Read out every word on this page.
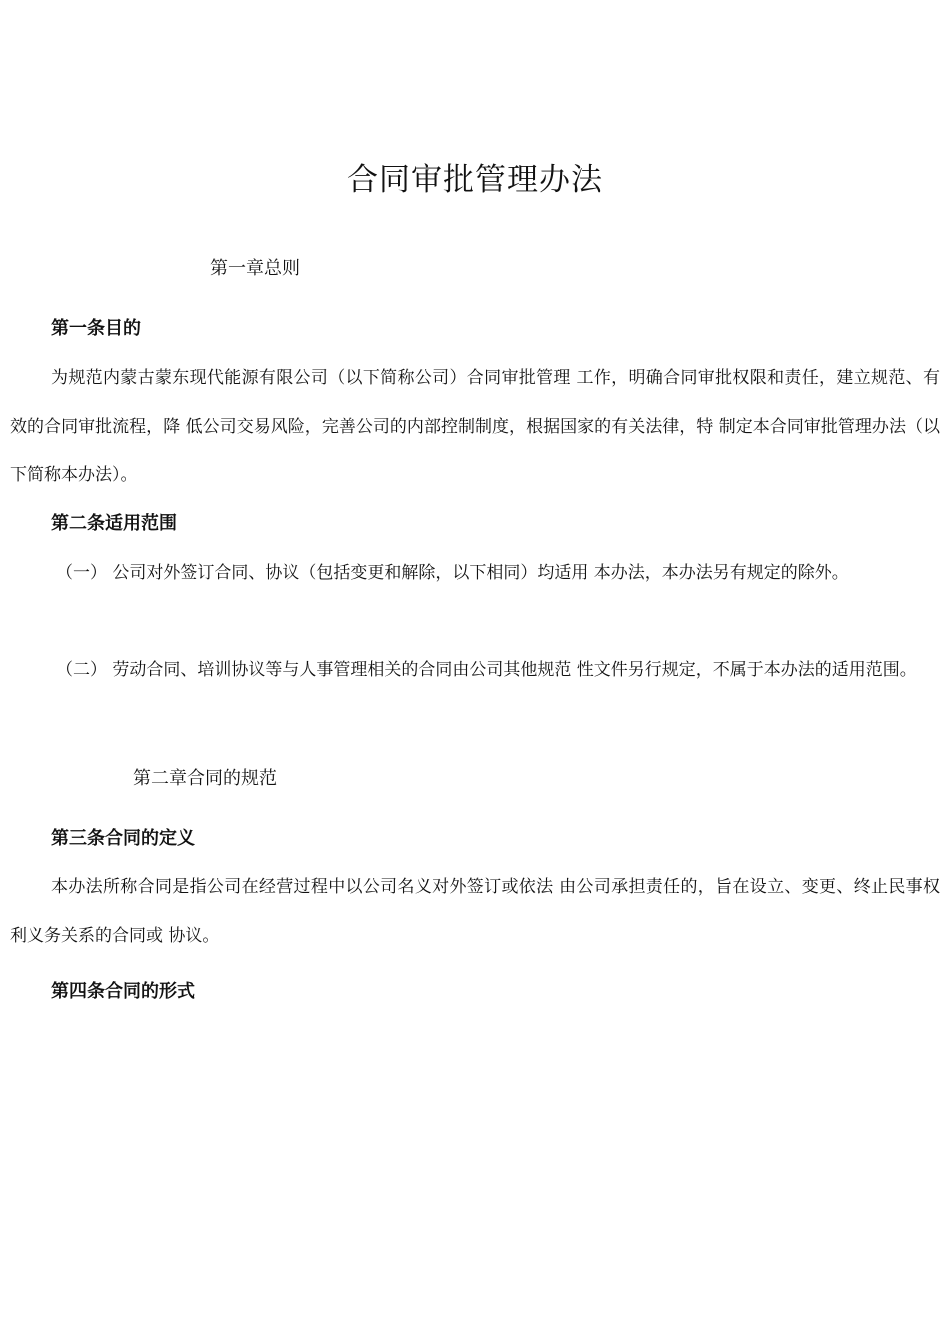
合同审批管理办法
第一章总则
第一条目的

为规范内蒙古蒙东现代能源有限公司（以下简称公司）合同审批管理 工作，明确合同审批权限和责任，建立规范、有效的合同审批流程，降 低公司交易风险，完善公司的内部控制制度，根据国家的有关法律，特 制定本合同审批管理办法（以下简称本办法）。

第二条适用范围

（一） 公司对外签订合同、协议（包括变更和解除，以下相同）均适用 本办法，本办法另有规定的除外。

（二） 劳动合同、培训协议等与人事管理相关的合同由公司其他规范 性文件另行规定，不属于本办法的适用范围。

第二章合同的规范
第三条合同的定义

本办法所称合同是指公司在经营过程中以公司名义对外签订或依法 由公司承担责任的，旨在设立、变更、终止民事权利义务关系的合同或 协议。

第四条合同的形式
